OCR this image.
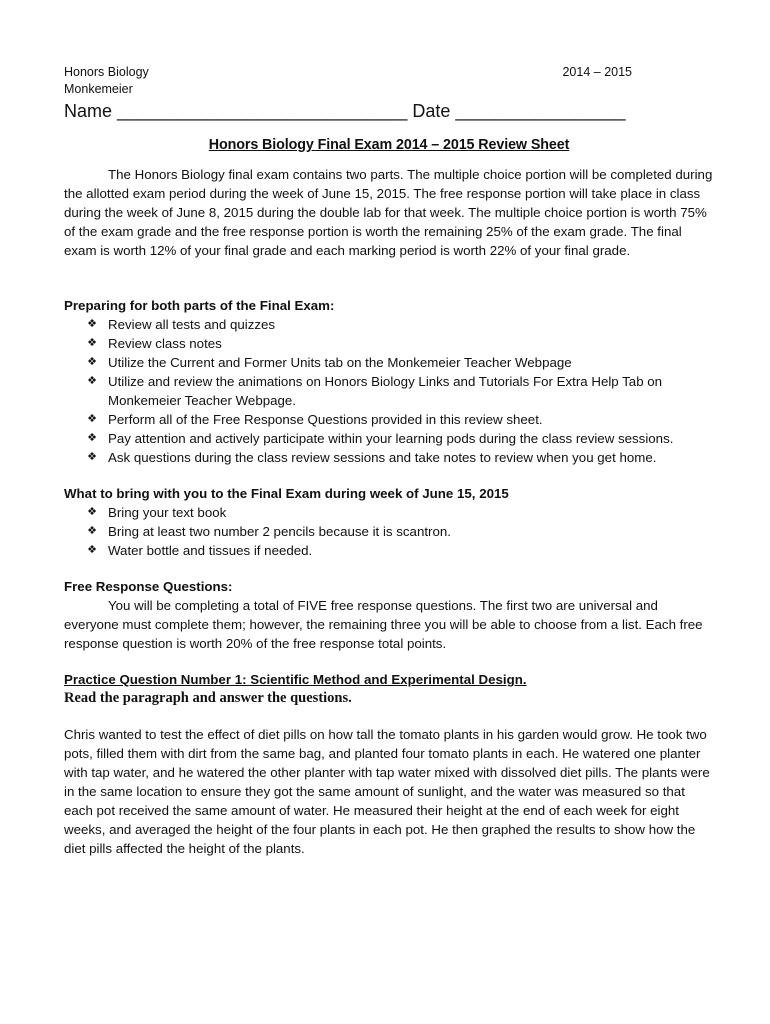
Honors Biology	2014 – 2015
Monkemeier
Name _____________________________ Date _________________
Honors Biology Final Exam 2014 – 2015 Review Sheet

The Honors Biology final exam contains two parts. The multiple choice portion will be completed during the allotted exam period during the week of June 15, 2015. The free response portion will take place in class during the week of June 8, 2015 during the double lab for that week. The multiple choice portion is worth 75% of the exam grade and the free response portion is worth the remaining 25% of the exam grade. The final exam is worth 12% of your final grade and each marking period is worth 22% of your final grade.

Preparing for both parts of the Final Exam:
❖ Review all tests and quizzes
❖ Review class notes
❖ Utilize the Current and Former Units tab on the Monkemeier Teacher Webpage
❖ Utilize and review the animations on Honors Biology Links and Tutorials For Extra Help Tab on Monkemeier Teacher Webpage.
❖ Perform all of the Free Response Questions provided in this review sheet.
❖ Pay attention and actively participate within your learning pods during the class review sessions.
❖ Ask questions during the class review sessions and take notes to review when you get home.
What to bring with you to the Final Exam during week of June 15, 2015
❖ Bring your text book
❖ Bring at least two number 2 pencils because it is scantron.
❖ Water bottle and tissues if needed.
Free Response Questions:

You will be completing a total of FIVE free response questions. The first two are universal and everyone must complete them; however, the remaining three you will be able to choose from a list. Each free response question is worth 20% of the free response total points.

Practice Question Number 1: Scientific Method and Experimental Design.
Read the paragraph and answer the questions.

Chris wanted to test the effect of diet pills on how tall the tomato plants in his garden would grow. He took two pots, filled them with dirt from the same bag, and planted four tomato plants in each. He watered one planter with tap water, and he watered the other planter with tap water mixed with dissolved diet pills. The plants were in the same location to ensure they got the same amount of sunlight, and the water was measured so that each pot received the same amount of water. He measured their height at the end of each week for eight weeks, and averaged the height of the four plants in each pot. He then graphed the results to show how the diet pills affected the height of the plants.
